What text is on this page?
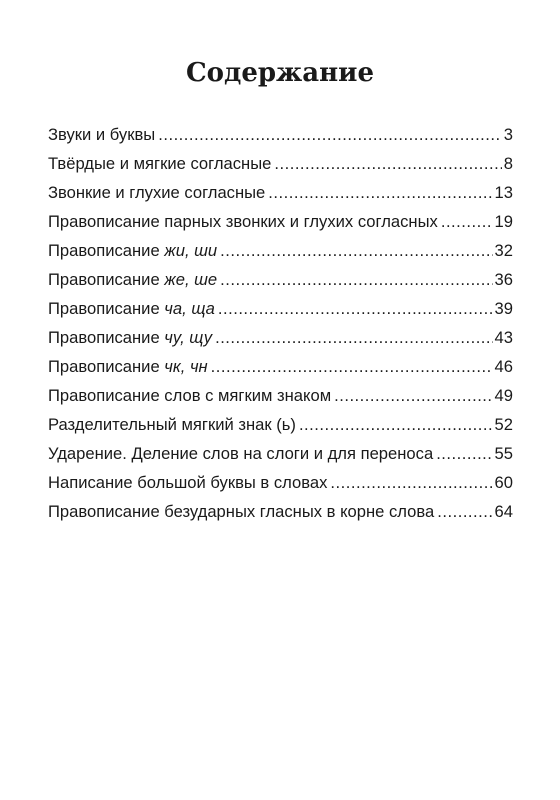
Содержание
Звуки и буквы .....	3
Твёрдые и мягкие согласные .....	8
Звонкие и глухие согласные .....	13
Правописание парных звонких и глухих согласных .....	19
Правописание жи, ши .....	32
Правописание же, ше .....	36
Правописание ча, ща .....	39
Правописание чу, щу .....	43
Правописание чк, чн .....	46
Правописание слов с мягким знаком .....	49
Разделительный мягкий знак (ь) .....	52
Ударение. Деление слов на слоги и для переноса .....	55
Написание большой буквы в словах .....	60
Правописание безударных гласных в корне слова .....	64
